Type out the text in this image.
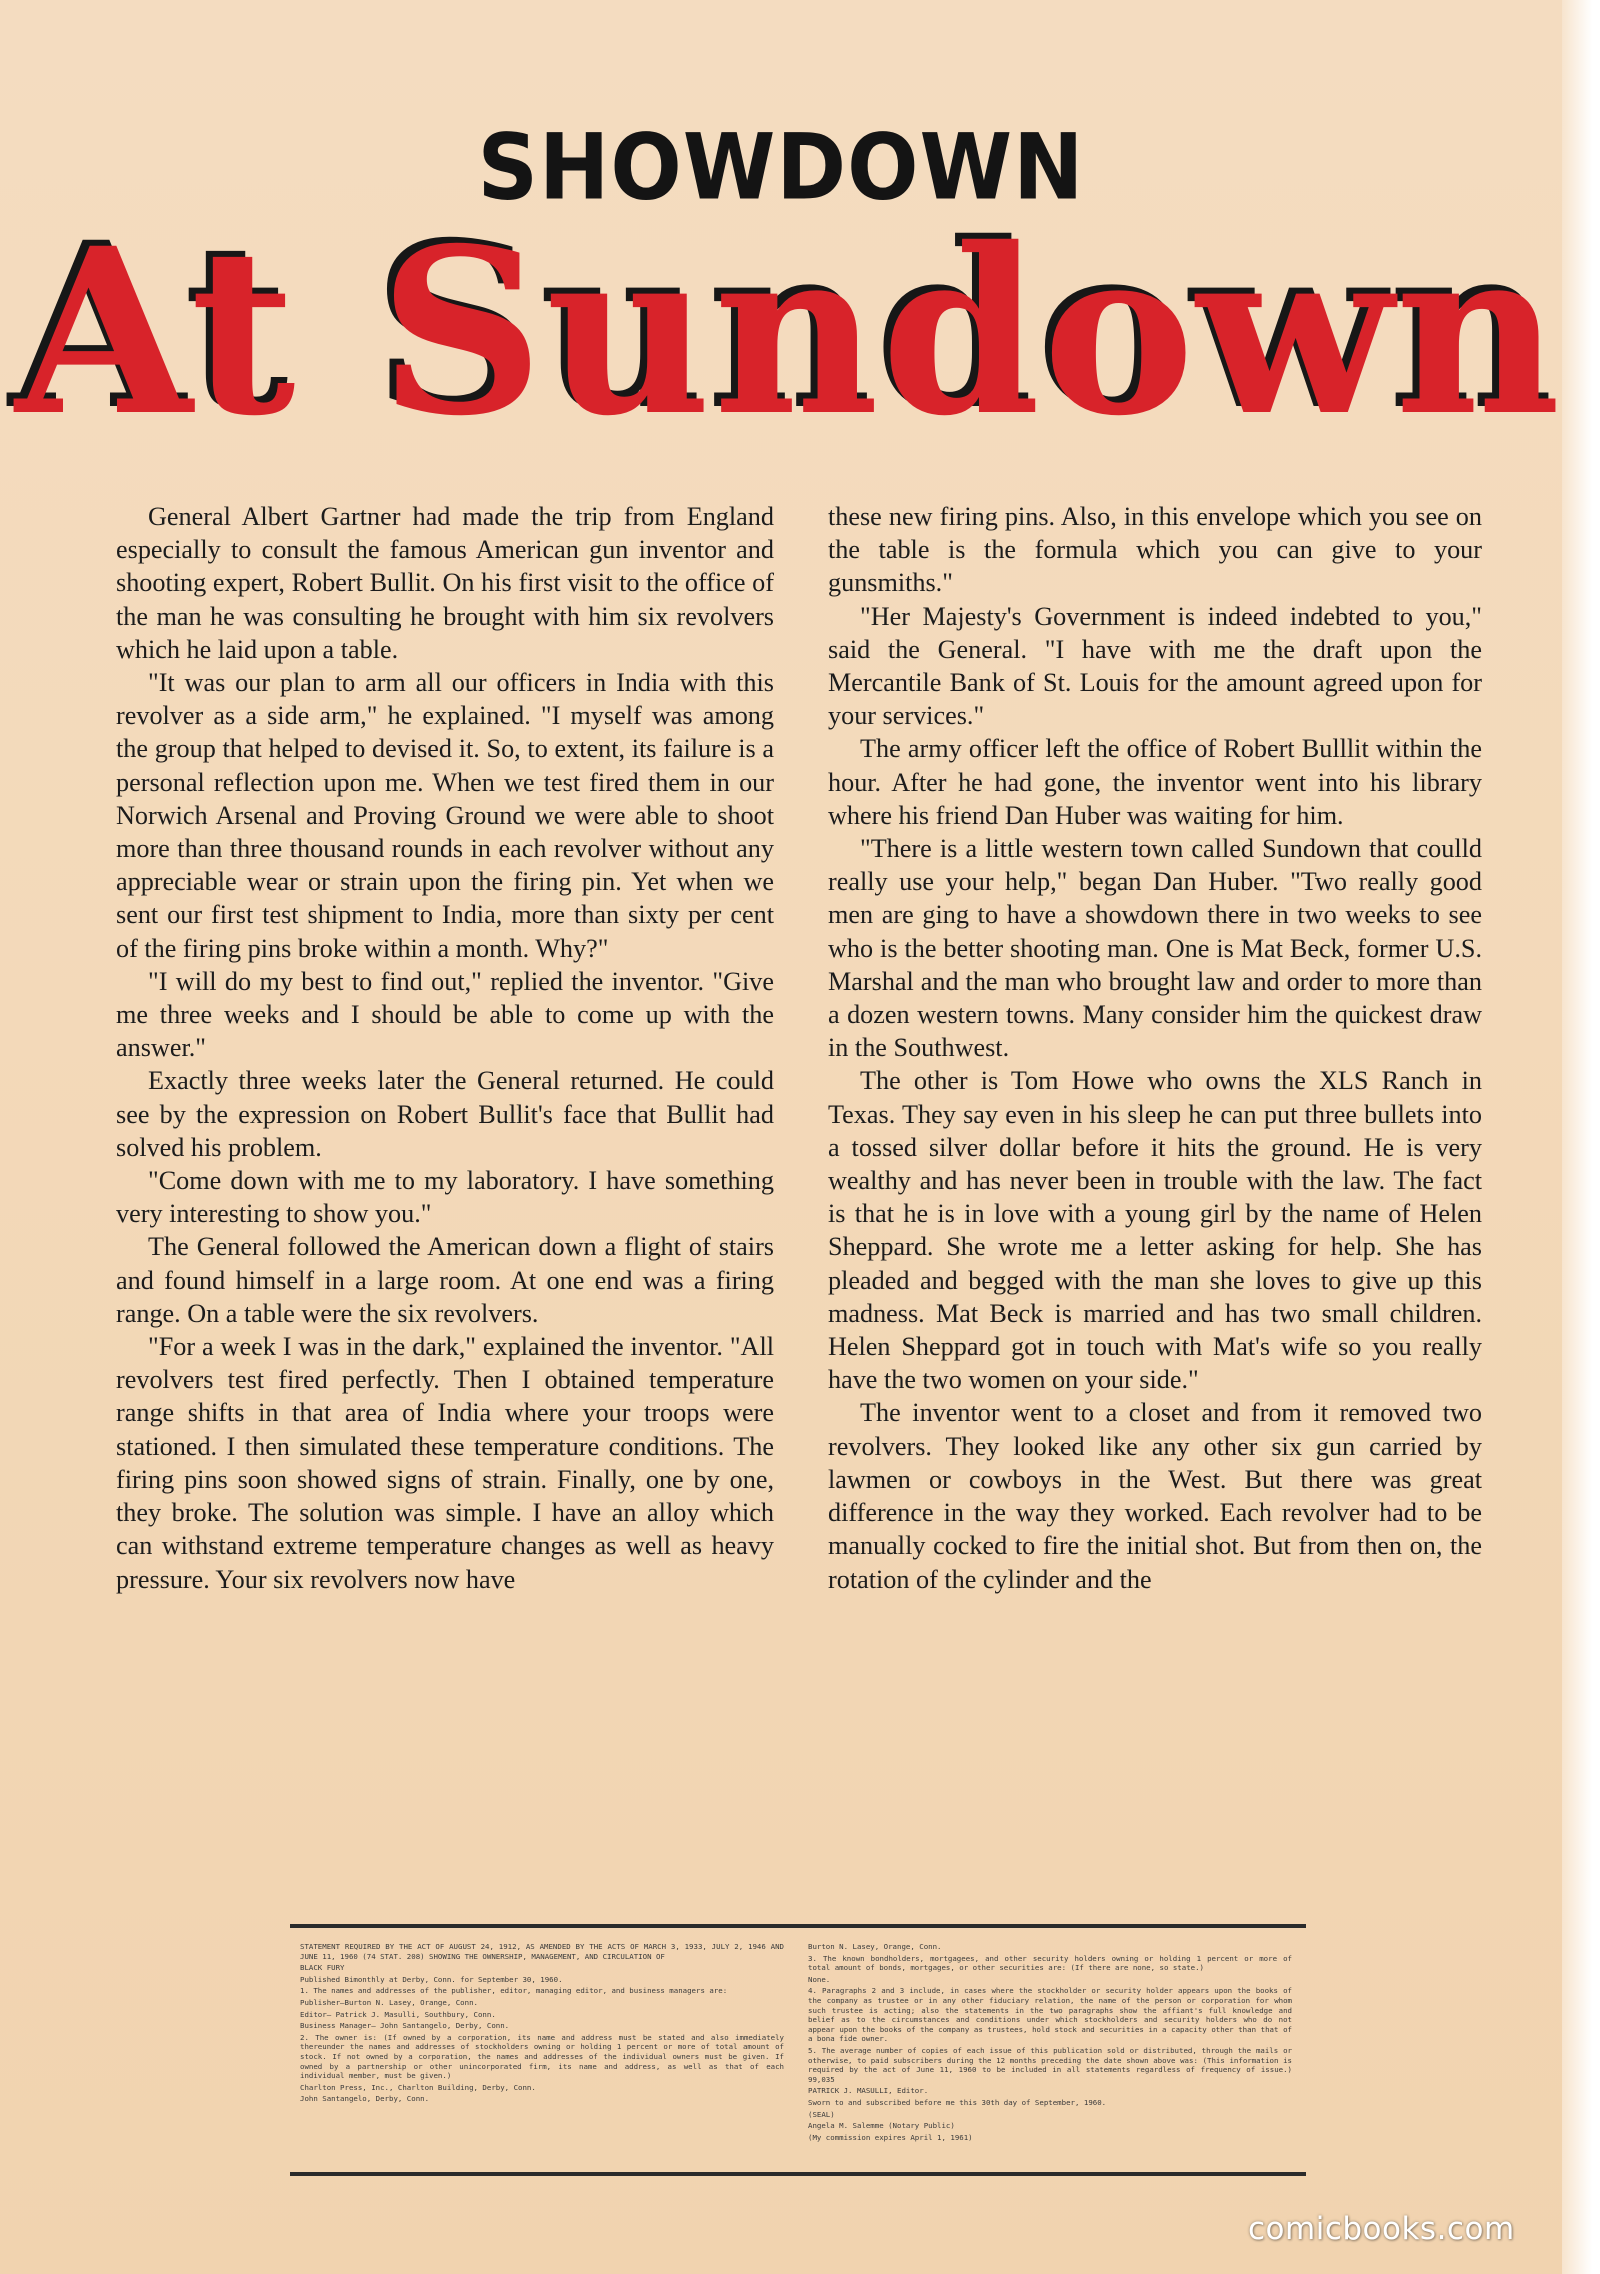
SHOWDOWN
At Sundown

General Albert Gartner had made the trip from England especially to consult the famous American gun inventor and shooting expert, Robert Bullit. On his first visit to the office of the man he was consulting he brought with him six revolvers which he laid upon a table.

"It was our plan to arm all our officers in India with this revolver as a side arm," he explained. "I myself was among the group that helped to devised it. So, to extent, its failure is a personal reflection upon me. When we test fired them in our Norwich Arsenal and Proving Ground we were able to shoot more than three thousand rounds in each revolver without any appreciable wear or strain upon the firing pin. Yet when we sent our first test shipment to India, more than sixty per cent of the firing pins broke within a month. Why?"

"I will do my best to find out," replied the inventor. "Give me three weeks and I should be able to come up with the answer."

Exactly three weeks later the General returned. He could see by the expression on Robert Bullit's face that Bullit had solved his problem.

"Come down with me to my laboratory. I have something very interesting to show you."

The General followed the American down a flight of stairs and found himself in a large room. At one end was a firing range. On a table were the six revolvers.

"For a week I was in the dark," explained the inventor. "All revolvers test fired perfectly. Then I obtained temperature range shifts in that area of India where your troops were stationed. I then simulated these temperature conditions. The firing pins soon showed signs of strain. Finally, one by one, they broke. The solution was simple. I have an alloy which can withstand extreme temperature changes as well as heavy pressure. Your six revolvers now have

these new firing pins. Also, in this envelope which you see on the table is the formula which you can give to your gunsmiths."

"Her Majesty's Government is indeed indebted to you," said the General. "I have with me the draft upon the Mercantile Bank of St. Louis for the amount agreed upon for your services."

The army officer left the office of Robert Bulllit within the hour. After he had gone, the inventor went into his library where his friend Dan Huber was waiting for him.

"There is a little western town called Sundown that coulld really use your help," began Dan Huber. "Two really good men are ging to have a showdown there in two weeks to see who is the better shooting man. One is Mat Beck, former U.S. Marshal and the man who brought law and order to more than a dozen western towns. Many consider him the quickest draw in the Southwest.

The other is Tom Howe who owns the XLS Ranch in Texas. They say even in his sleep he can put three bullets into a tossed silver dollar before it hits the ground. He is very wealthy and has never been in trouble with the law. The fact is that he is in love with a young girl by the name of Helen Sheppard. She wrote me a letter asking for help. She has pleaded and begged with the man she loves to give up this madness. Mat Beck is married and has two small children. Helen Sheppard got in touch with Mat's wife so you really have the two women on your side."

The inventor went to a closet and from it removed two revolvers. They looked like any other six gun carried by lawmen or cowboys in the West. But there was great difference in the way they worked. Each revolver had to be manually cocked to fire the initial shot. But from then on, the rotation of the cylinder and the

STATEMENT REQUIRED BY THE ACT OF AUGUST 24, 1912, AS AMENDED BY THE ACTS OF MARCH 3, 1933, JULY 2, 1946 AND JUNE 11, 1960 (74 STAT. 208) SHOWING THE OWNERSHIP, MANAGEMENT, AND CIRCULATION OF
BLACK FURY
Published Bimonthly at Derby, Conn. for September 30, 1960.
1. The names and addresses of the publisher, editor, managing editor, and business managers are:
Publisher—Burton N. Lasey, Orange, Conn.
Editor— Patrick J. Masulli, Southbury, Conn.
Business Manager— John Santangelo, Derby, Conn.
2. The owner is: (If owned by a corporation, its name and address must be stated and also immediately thereunder the names and addresses of stockholders owning or holding 1 percent or more of total amount of stock. If not owned by a corporation, the names and addresses of the individual owners must be given. If owned by a partnership or other unincorporated firm, its name and address, as well as that of each individual member, must be given.)
Charlton Press, Inc., Charlton Building, Derby, Conn.
John Santangelo, Derby, Conn.
Burton N. Lasey, Orange, Conn.
3. The known bondholders, mortgagees, and other security holders owning or holding 1 percent or more of total amount of bonds, mortgages, or other securities are: (If there are none, so state.)
None.
4. Paragraphs 2 and 3 include, in cases where the stockholder or security holder appears upon the books of the company as trustee or in any other fiduciary relation, the name of the person or corporation for whom such trustee is acting; also the statements in the two paragraphs show the affiant's full knowledge and belief as to the circumstances and conditions under which stockholders and security holders who do not appear upon the books of the company as trustees, hold stock and securities in a capacity other than that of a bona fide owner.
5. The average number of copies of each issue of this publication sold or distributed, through the mails or otherwise, to paid subscribers during the 12 months preceding the date shown above was: (This information is required by the act of June 11, 1960 to be included in all statements regardless of frequency of issue.) 99,035
PATRICK J. MASULLI, Editor.
Sworn to and subscribed before me this 30th day of September, 1960.
(SEAL)
Angela M. Salemme (Notary Public)
(My commission expires April 1, 1961)
comicbooks.com
